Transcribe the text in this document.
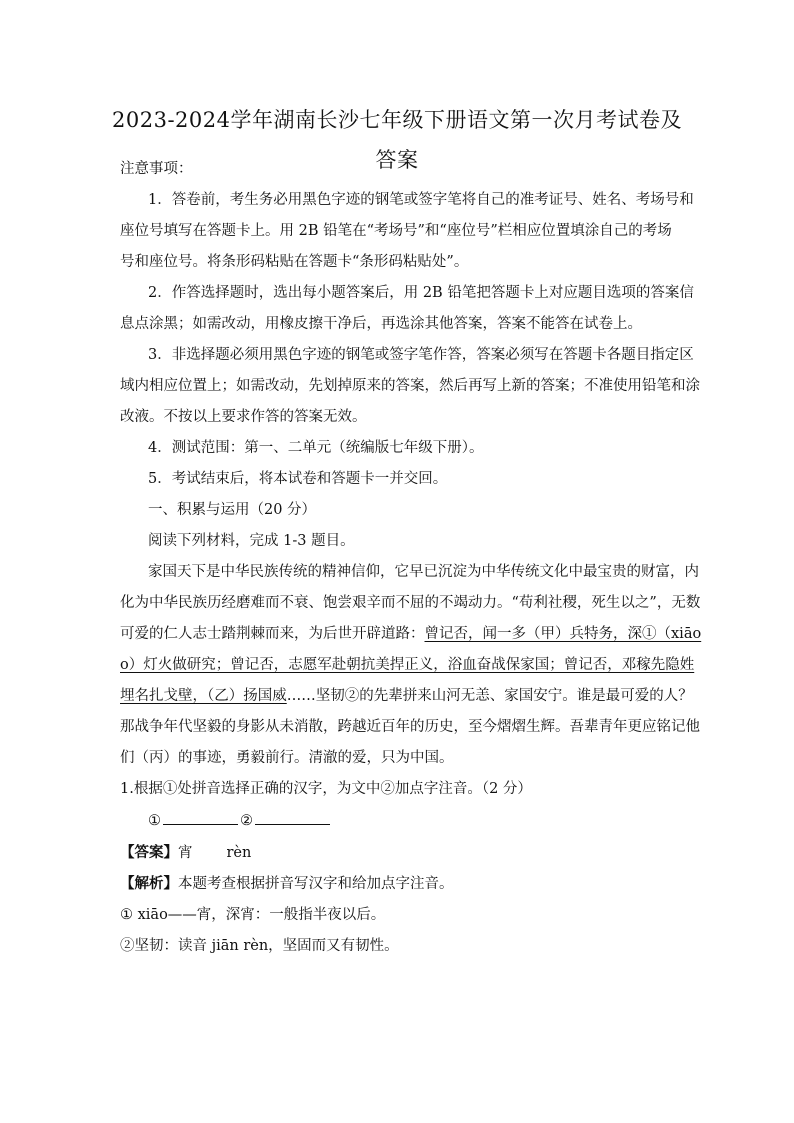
2023-2024学年湖南长沙七年级下册语文第一次月考试卷及答案
注意事项：
1．答卷前，考生务必用黑色字迹的钢笔或签字笔将自己的准考证号、姓名、考场号和
座位号填写在答题卡上。用 2B 铅笔在“考场号”和“座位号”栏相应位置填涂自己的考场
号和座位号。将条形码粘贴在答题卡“条形码粘贴处”。
2．作答选择题时，选出每小题答案后，用 2B 铅笔把答题卡上对应题目选项的答案信
息点涂黑；如需改动，用橡皮擦干净后，再选涂其他答案，答案不能答在试卷上。
3．非选择题必须用黑色字迹的钢笔或签字笔作答，答案必须写在答题卡各题目指定区
域内相应位置上；如需改动，先划掉原来的答案，然后再写上新的答案；不准使用铅笔和涂
改液。不按以上要求作答的答案无效。
4．测试范围：第一、二单元（统编版七年级下册）。
5．考试结束后，将本试卷和答题卡一并交回。
一、积累与运用（20 分）
阅读下列材料，完成 1-3 题目。
家国天下是中华民族传统的精神信仰，它早已沉淀为中华传统文化中最宝贵的财富，内
化为中华民族历经磨难而不衰、饱尝艰辛而不屈的不竭动力。“苟利社稷，死生以之”，无数
可爱的仁人志士踏荆棘而来，为后世开辟道路：曾记否，闻一多（甲）兵特务，深①（xiāo
o）灯火做研究；曾记否，志愿军赴朝抗美捍正义，浴血奋战保家国；曾记否，邓稼先隐姓
埋名扎戈壁，（乙）扬国威……坚韧②的先辈拼来山河无恙、家国安宁。谁是最可爱的人？
那战争年代坚毅的身影从未消散，跨越近百年的历史，至今熠熠生辉。吾辈青年更应铭记他
们（丙）的事迹，勇毅前行。清澈的爱，只为中国。
1.根据①处拼音选择正确的汉字，为文中②加点字注音。（2 分）
①	②
【答案】宵 rèn
【解析】本题考查根据拼音写汉字和给加点字注音。
① xiāo——宵，深宵：一般指半夜以后。
②坚韧：读音 jiān rèn，坚固而又有韧性。
